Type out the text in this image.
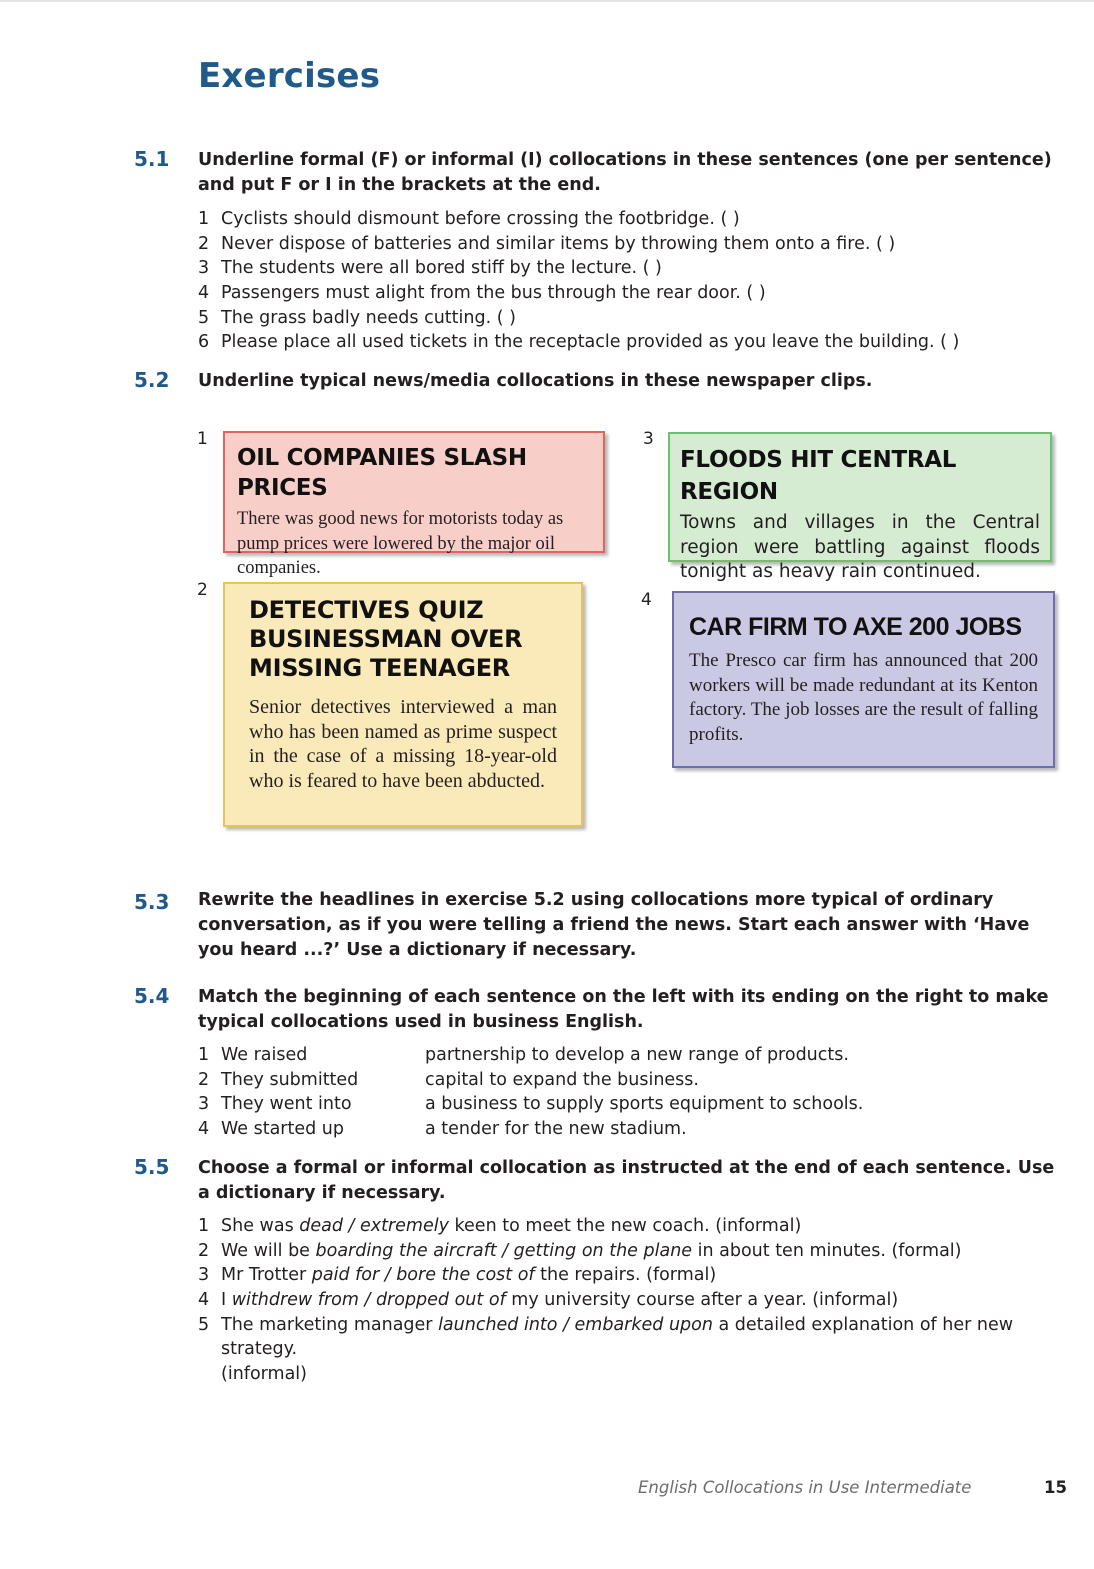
Exercises
5.1 Underline formal (F) or informal (I) collocations in these sentences (one per sentence) and put F or I in the brackets at the end.
1 Cyclists should dismount before crossing the footbridge. ( )
2 Never dispose of batteries and similar items by throwing them onto a fire. ( )
3 The students were all bored stiff by the lecture. ( )
4 Passengers must alight from the bus through the rear door. ( )
5 The grass badly needs cutting. ( )
6 Please place all used tickets in the receptacle provided as you leave the building. ( )
5.2 Underline typical news/media collocations in these newspaper clips.
1
OIL COMPANIES SLASH PRICES

There was good news for motorists today as pump prices were lowered by the major oil companies.

3
FLOODS HIT CENTRAL REGION

Towns and villages in the Central region were battling against floods tonight as heavy rain continued.

2
DETECTIVES QUIZ BUSINESSMAN OVER MISSING TEENAGER

Senior detectives interviewed a man who has been named as prime suspect in the case of a missing 18-year-old who is feared to have been abducted.

4
CAR FIRM TO AXE 200 JOBS

The Presco car firm has announced that 200 workers will be made redundant at its Kenton factory. The job losses are the result of falling profits.

5.3 Rewrite the headlines in exercise 5.2 using collocations more typical of ordinary conversation, as if you were telling a friend the news. Start each answer with ‘Have you heard ...?’ Use a dictionary if necessary.
5.4 Match the beginning of each sentence on the left with its ending on the right to make typical collocations used in business English.
1 We raised	partnership to develop a new range of products.
2 They submitted	capital to expand the business.
3 They went into	a business to supply sports equipment to schools.
4 We started up	a tender for the new stadium.
5.5 Choose a formal or informal collocation as instructed at the end of each sentence. Use a dictionary if necessary.
1 She was dead / extremely keen to meet the new coach. (informal)
2 We will be boarding the aircraft / getting on the plane in about ten minutes. (formal)
3 Mr Trotter paid for / bore the cost of the repairs. (formal)
4 I withdrew from / dropped out of my university course after a year. (informal)
5 The marketing manager launched into / embarked upon a detailed explanation of her new strategy.
(informal)
English Collocations in Use Intermediate	15
